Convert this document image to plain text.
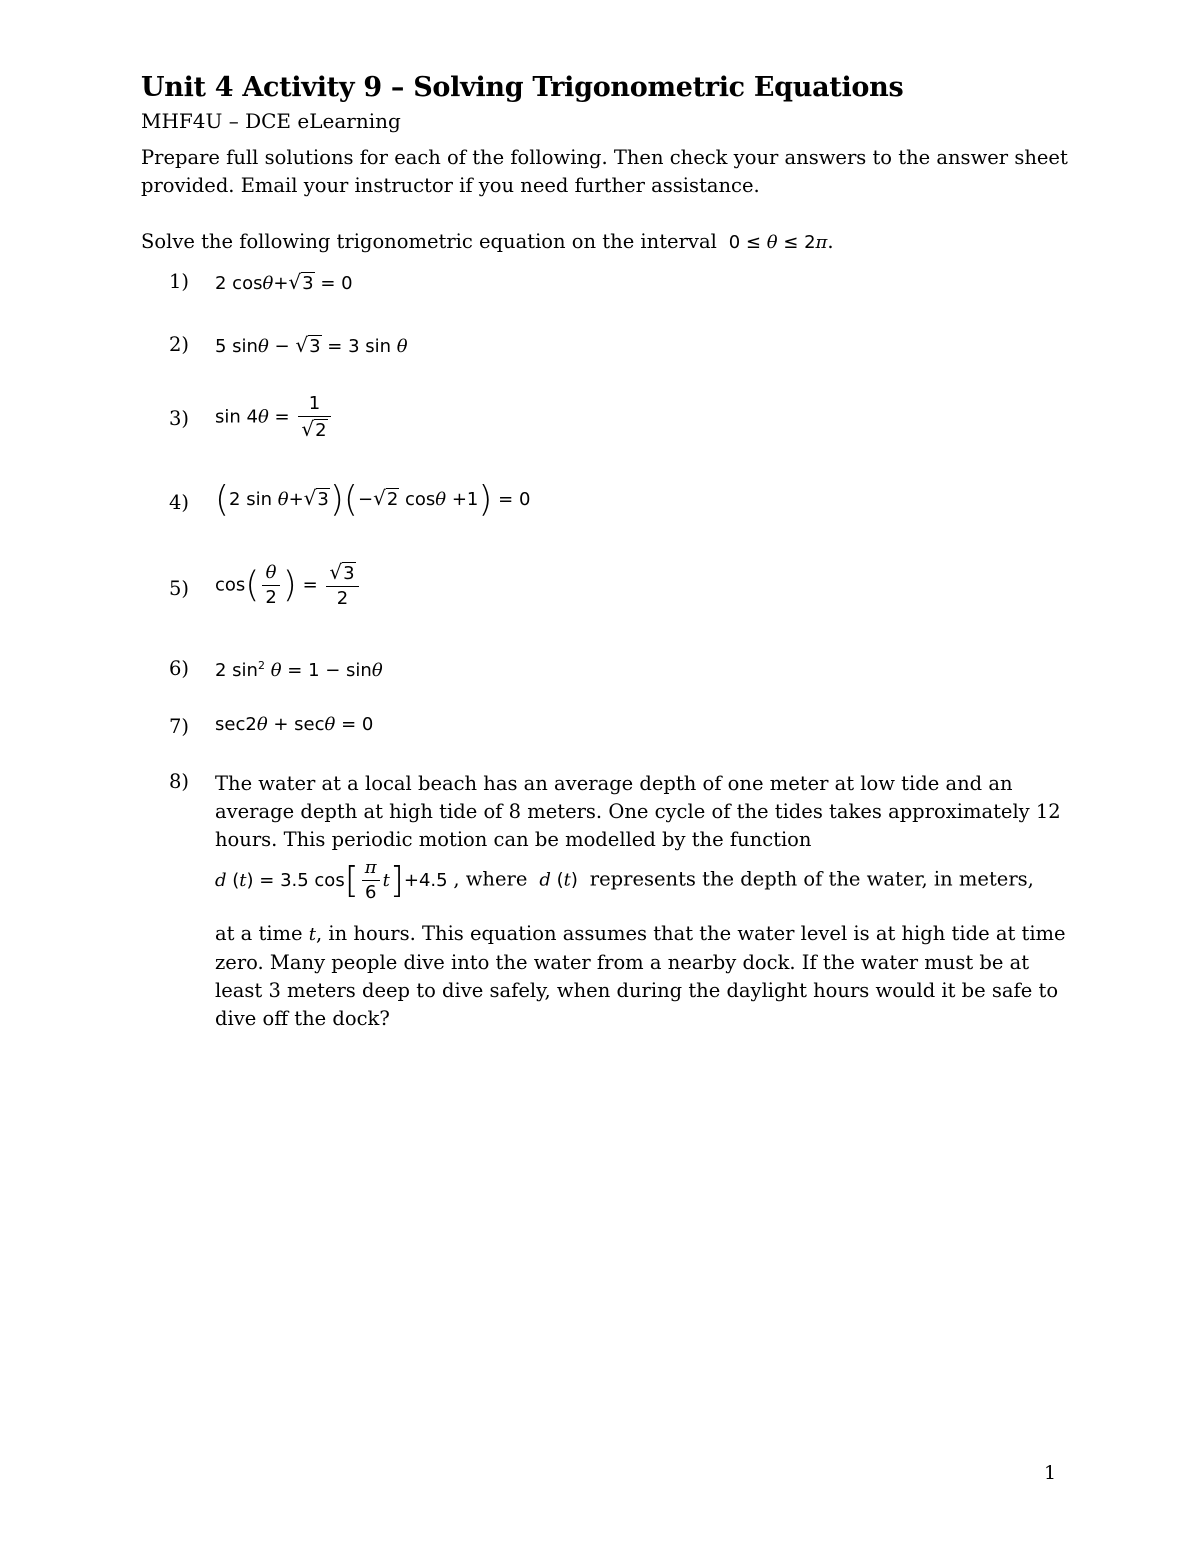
Unit 4 Activity 9 – Solving Trigonometric Equations
MHF4U – DCE eLearning
Prepare full solutions for each of the following. Then check your answers to the answer sheet provided. Email your instructor if you need further assistance.
Solve the following trigonometric equation on the interval  0 ≤ θ ≤ 2π.
1) 2 cosθ+√3 = 0
2) 5 sinθ − √3 = 3 sin θ
3) $\sin 4\theta = \frac{1}{√2}$
4) (2 sin θ+√3)(−√2 cosθ +1) = 0
5) $\cos( \frac{\theta}{2}$ ) = $\frac{√3}{2}$
6) 2 $\sin^2 \theta = 1 - \sin\theta$
7) sec2θ + secθ = 0
8) The water at a local beach has an average depth of one meter at low tide and an average depth at high tide of 8 meters. One cycle of the tides takes approximately 12 hours. This periodic motion can be modelled by the function
d (t) = 3.5 $\cos[ \frac{\pi}{6} t]+4.5$ , where d (t)  represents the depth of the water, in meters,
at a time t, in hours. This equation assumes that the water level is at high tide at time zero. Many people dive into the water from a nearby dock. If the water must be at least 3 meters deep to dive safely, when during the daylight hours would it be safe to dive off the dock?
1
